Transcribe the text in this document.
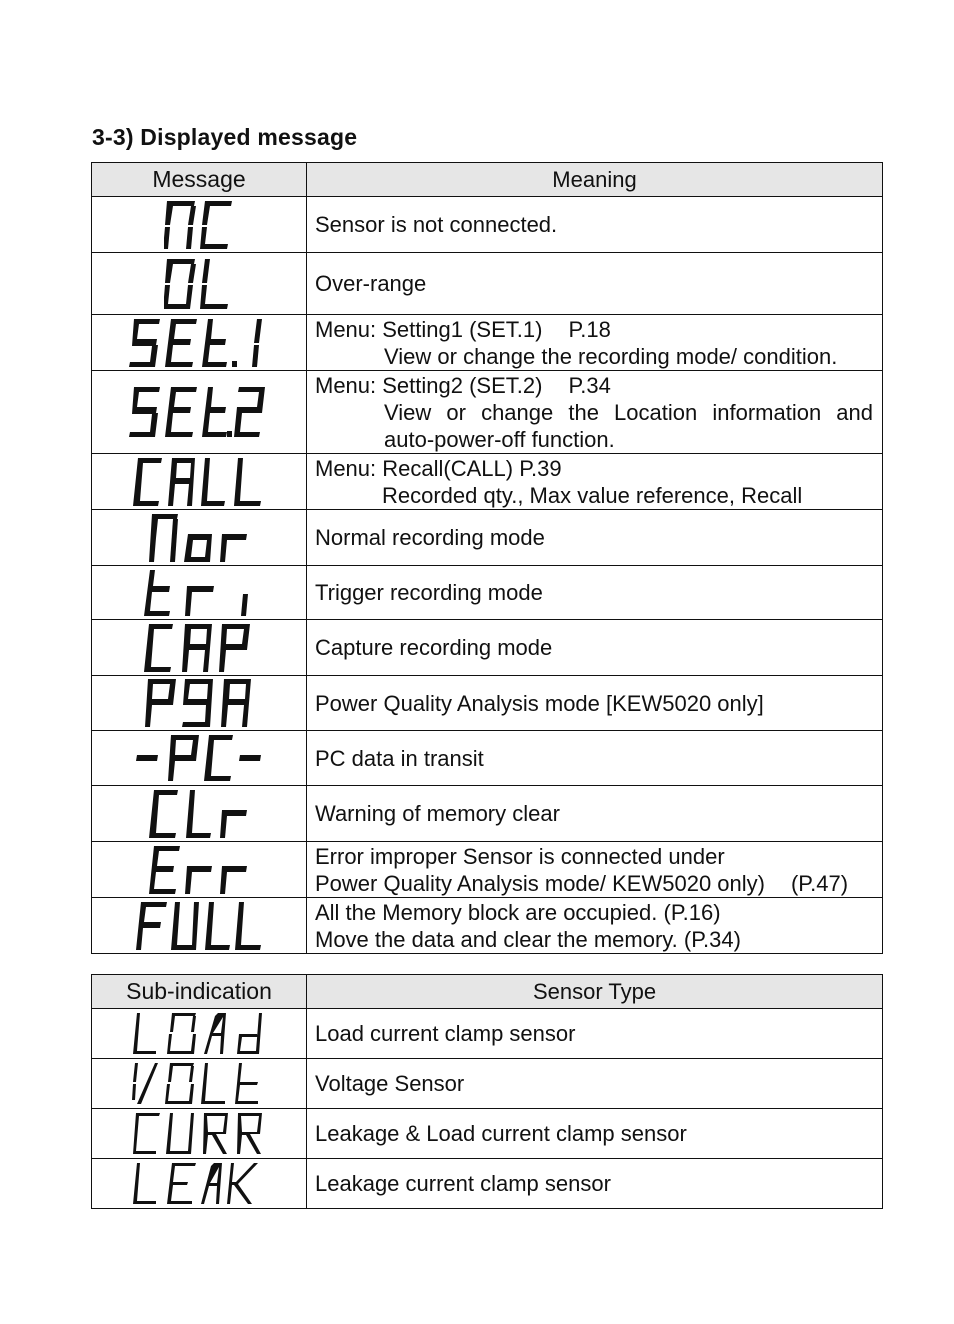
3-3) Displayed message
Message	Meaning

Sensor is not connected.

Over-range

Menu: Setting1 (SET.1) P.18
View or change the recording mode/ condition.

Menu: Setting2 (SET.2) P.34
View or change the Location information and
auto-power-off function.

Menu: Recall(CALL) P.39
Recorded qty., Max value reference, Recall

Normal recording mode

Trigger recording mode

Capture recording mode

Power Quality Analysis mode [KEW5020 only]

PC data in transit

Warning of memory clear

Error improper Sensor is connected under
Power Quality Analysis mode/ KEW5020 only) (P.47)

All the Memory block are occupied. (P.16)
Move the data and clear the memory. (P.34)
Sub-indication	Sensor Type

Load current clamp sensor

Voltage Sensor

Leakage & Load current clamp sensor

Leakage current clamp sensor
